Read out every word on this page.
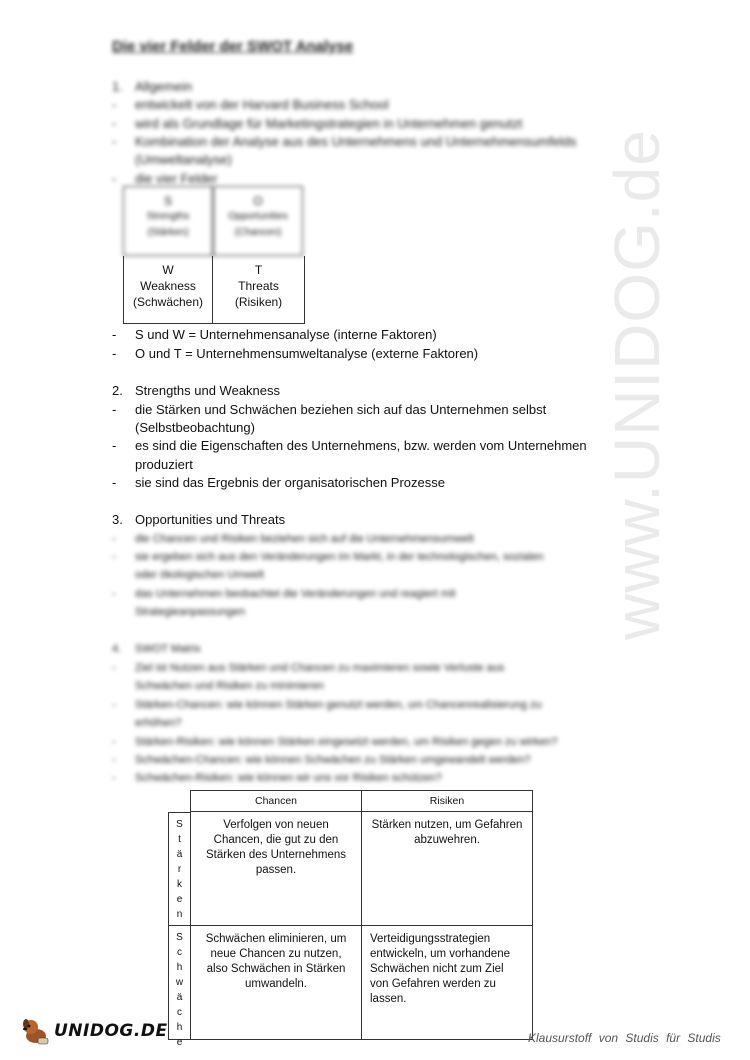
www.UNIDOG.de
Die vier Felder der SWOT Analyse
1. Allgemein
- entwickelt von der Harvard Business School
- wird als Grundlage für Marketingstrategien in Unternehmen genutzt
- Kombination der Analyse aus des Unternehmens und Unternehmensumfelds
(Umweltanalyse)
- die vier Felder
S
Strengths
(Stärken)
O
Opportunities
(Chancen)
W
Weakness
(Schwächen)
T
Threats
(Risiken)
- S und W = Unternehmensanalyse (interne Faktoren)
- O und T = Unternehmensumweltanalyse (externe Faktoren)
2. Strengths und Weakness
- die Stärken und Schwächen beziehen sich auf das Unternehmen selbst
(Selbstbeobachtung)
- es sind die Eigenschaften des Unternehmens, bzw. werden vom Unternehmen
produziert
- sie sind das Ergebnis der organisatorischen Prozesse
3. Opportunities und Threats
- die Chancen und Risiken beziehen sich auf die Unternehmensumwelt
- sie ergeben sich aus den Veränderungen im Markt, in der technologischen, sozialen
oder ökologischen Umwelt
- das Unternehmen beobachtet die Veränderungen und reagiert mit
Strategieanpassungen
4. SWOT Matrix
- Ziel ist Nutzen aus Stärken und Chancen zu maximieren sowie Verluste aus
Schwächen und Risiken zu minimieren
- Stärken-Chancen: wie können Stärken genutzt werden, um Chancenrealisierung zu
erhöhen?
- Stärken-Risiken: wie können Stärken eingesetzt werden, um Risiken gegen zu wirken?
- Schwächen-Chancen: wie können Schwächen zu Stärken umgewandelt werden?
- Schwächen-Risiken: wie können wir uns vor Risiken schützen?
Chancen	Risiken
S
t
ä
r
k
e
n
Verfolgen von neuen Chancen, die gut zu den Stärken des Unternehmens passen.
Stärken nutzen, um Gefahren abzuwehren.
S
c
h
w
ä
c
h
e
Schwächen eliminieren, um neue Chancen zu nutzen, also Schwächen in Stärken umwandeln.
Verteidigungsstrategien entwickeln, um vorhandene Schwächen nicht zum Ziel von Gefahren werden zu lassen.
UNIDOG.DE	Klausurstoff von Studis für Studis
